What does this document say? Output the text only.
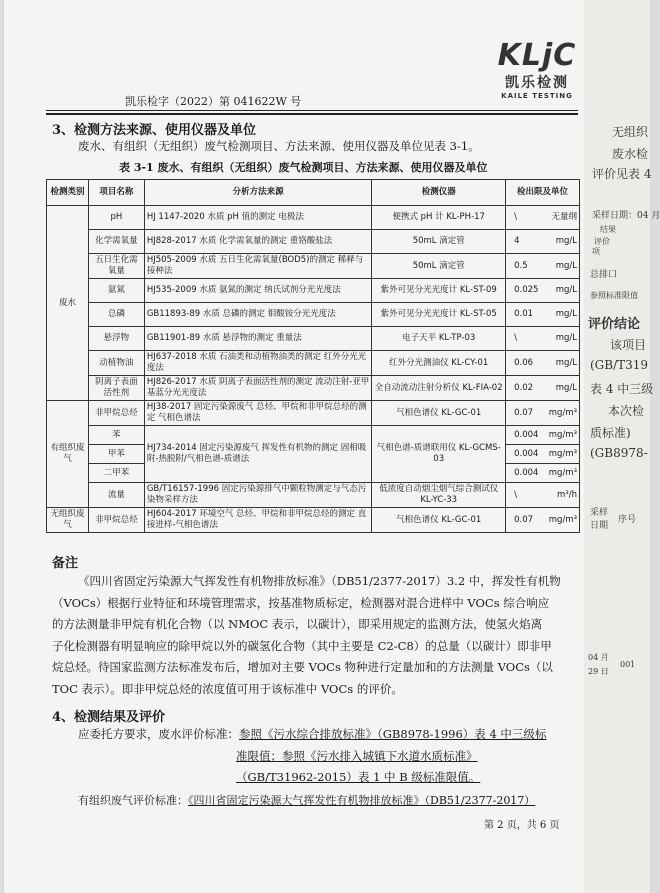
KLjC
凯乐检测
KAILE TESTING
凯乐检字（2022）第 041622W 号
3、检测方法来源、使用仪器及单位
废水、有组织（无组织）废气检测项目、方法来源、使用仪器及单位见表 3-1。
表 3-1 废水、有组织（无组织）废气检测项目、方法来源、使用仪器及单位
检测类别	项目名称	分析方法来源	检测仪器	检出限及单位
废水	pH	HJ 1147-2020 水质 pH 值的测定 电极法	便携式 pH 计 KL-PH-17	\ 无量纲

	化学需氧量	HJ828-2017 水质 化学需氧量的测定 重铬酸盐法	50mL 滴定管	4 mg/L

	五日生化需氧量	HJ505-2009 水质 五日生化需氧量(BOD5)的测定 稀释与接种法	50mL 滴定管	0.5 mg/L

	氨氮	HJ535-2009 水质 氨氮的测定 纳氏试剂分光光度法	紫外可见分光光度计 KL-ST-09	0.025 mg/L

	总磷	GB11893-89 水质 总磷的测定 钼酸铵分光光度法	紫外可见分光光度计 KL-ST-05	0.01 mg/L

	悬浮物	GB11901-89 水质 悬浮物的测定 重量法	电子天平 KL-TP-03	\ mg/L

	动植物油	HJ637-2018 水质 石油类和动植物油类的测定 红外分光光度法	红外分光测油仪 KL-CY-01	0.06 mg/L

	阴离子表面活性剂	HJ826-2017 水质 阴离子表面活性剂的测定 流动注射-亚甲基蓝分光光度法	全自动流动注射分析仪 KL-FIA-02	0.02 mg/L

有组织废气	非甲烷总烃	HJ38-2017 固定污染源废气 总烃、甲烷和非甲烷总烃的测定 气相色谱法	气相色谱仪 KL-GC-01	0.07 mg/m³

	苯	HJ734-2014 固定污染源废气 挥发性有机物的测定 固相吸附-热脱附/气相色谱-质谱法	气相色谱-质谱联用仪 KL-GCMS-03	0.004 mg/m³

	甲苯			0.004 mg/m³

	二甲苯			0.004 mg/m³

	流量	GB/T16157-1996 固定污染源排气中颗粒物测定与气态污染物采样方法	低浓度自动烟尘烟气综合测试仪 KL-YC-33	\ m³/h

无组织废气	非甲烷总烃	HJ604-2017 环境空气 总烃、甲烷和非甲烷总烃的测定 直接进样-气相色谱法	气相色谱仪 KL-GC-01	0.07 mg/m³
备注
《四川省固定污染源大气挥发性有机物排放标准》（DB51/2377-2017）3.2 中，挥发性有机物
（VOCs）根据行业特征和环境管理需求，按基准物质标定，检测器对混合进样中 VOCs 综合响应
的方法测量非甲烷有机化合物（以 NMOC 表示，以碳计），即采用规定的监测方法，使氢火焰离
子化检测器有明显响应的除甲烷以外的碳氢化合物（其中主要是 C2-C8）的总量（以碳计）即非甲
烷总烃。待国家监测方法标准发布后，增加对主要 VOCs 物种进行定量加和的方法测量 VOCs（以
TOC 表示）。即非甲烷总烃的浓度值可用于该标准中 VOCs 的评价。
4、检测结果及评价
应委托方要求，废水评价标准：参照《污水综合排放标准》（GB8978-1996）表 4 中三级标
准限值；参照《污水排入城镇下水道水质标准》
（GB/T31962-2015）表 1 中 B 级标准限值。
有组织废气评价标准：《四川省固定污染源大气挥发性有机物排放标准》（DB51/2377-2017）
第 2 页，共 6 页
无组织
废水检
评价见表 4
采样日期：04 月
结果
评价
项
总排口
参照标准限值
评价结论
该项目
(GB/T319
表 4 中三级
本次检
质标准)
(GB8978-
采样
日期
序号
04 月
29 日
001
